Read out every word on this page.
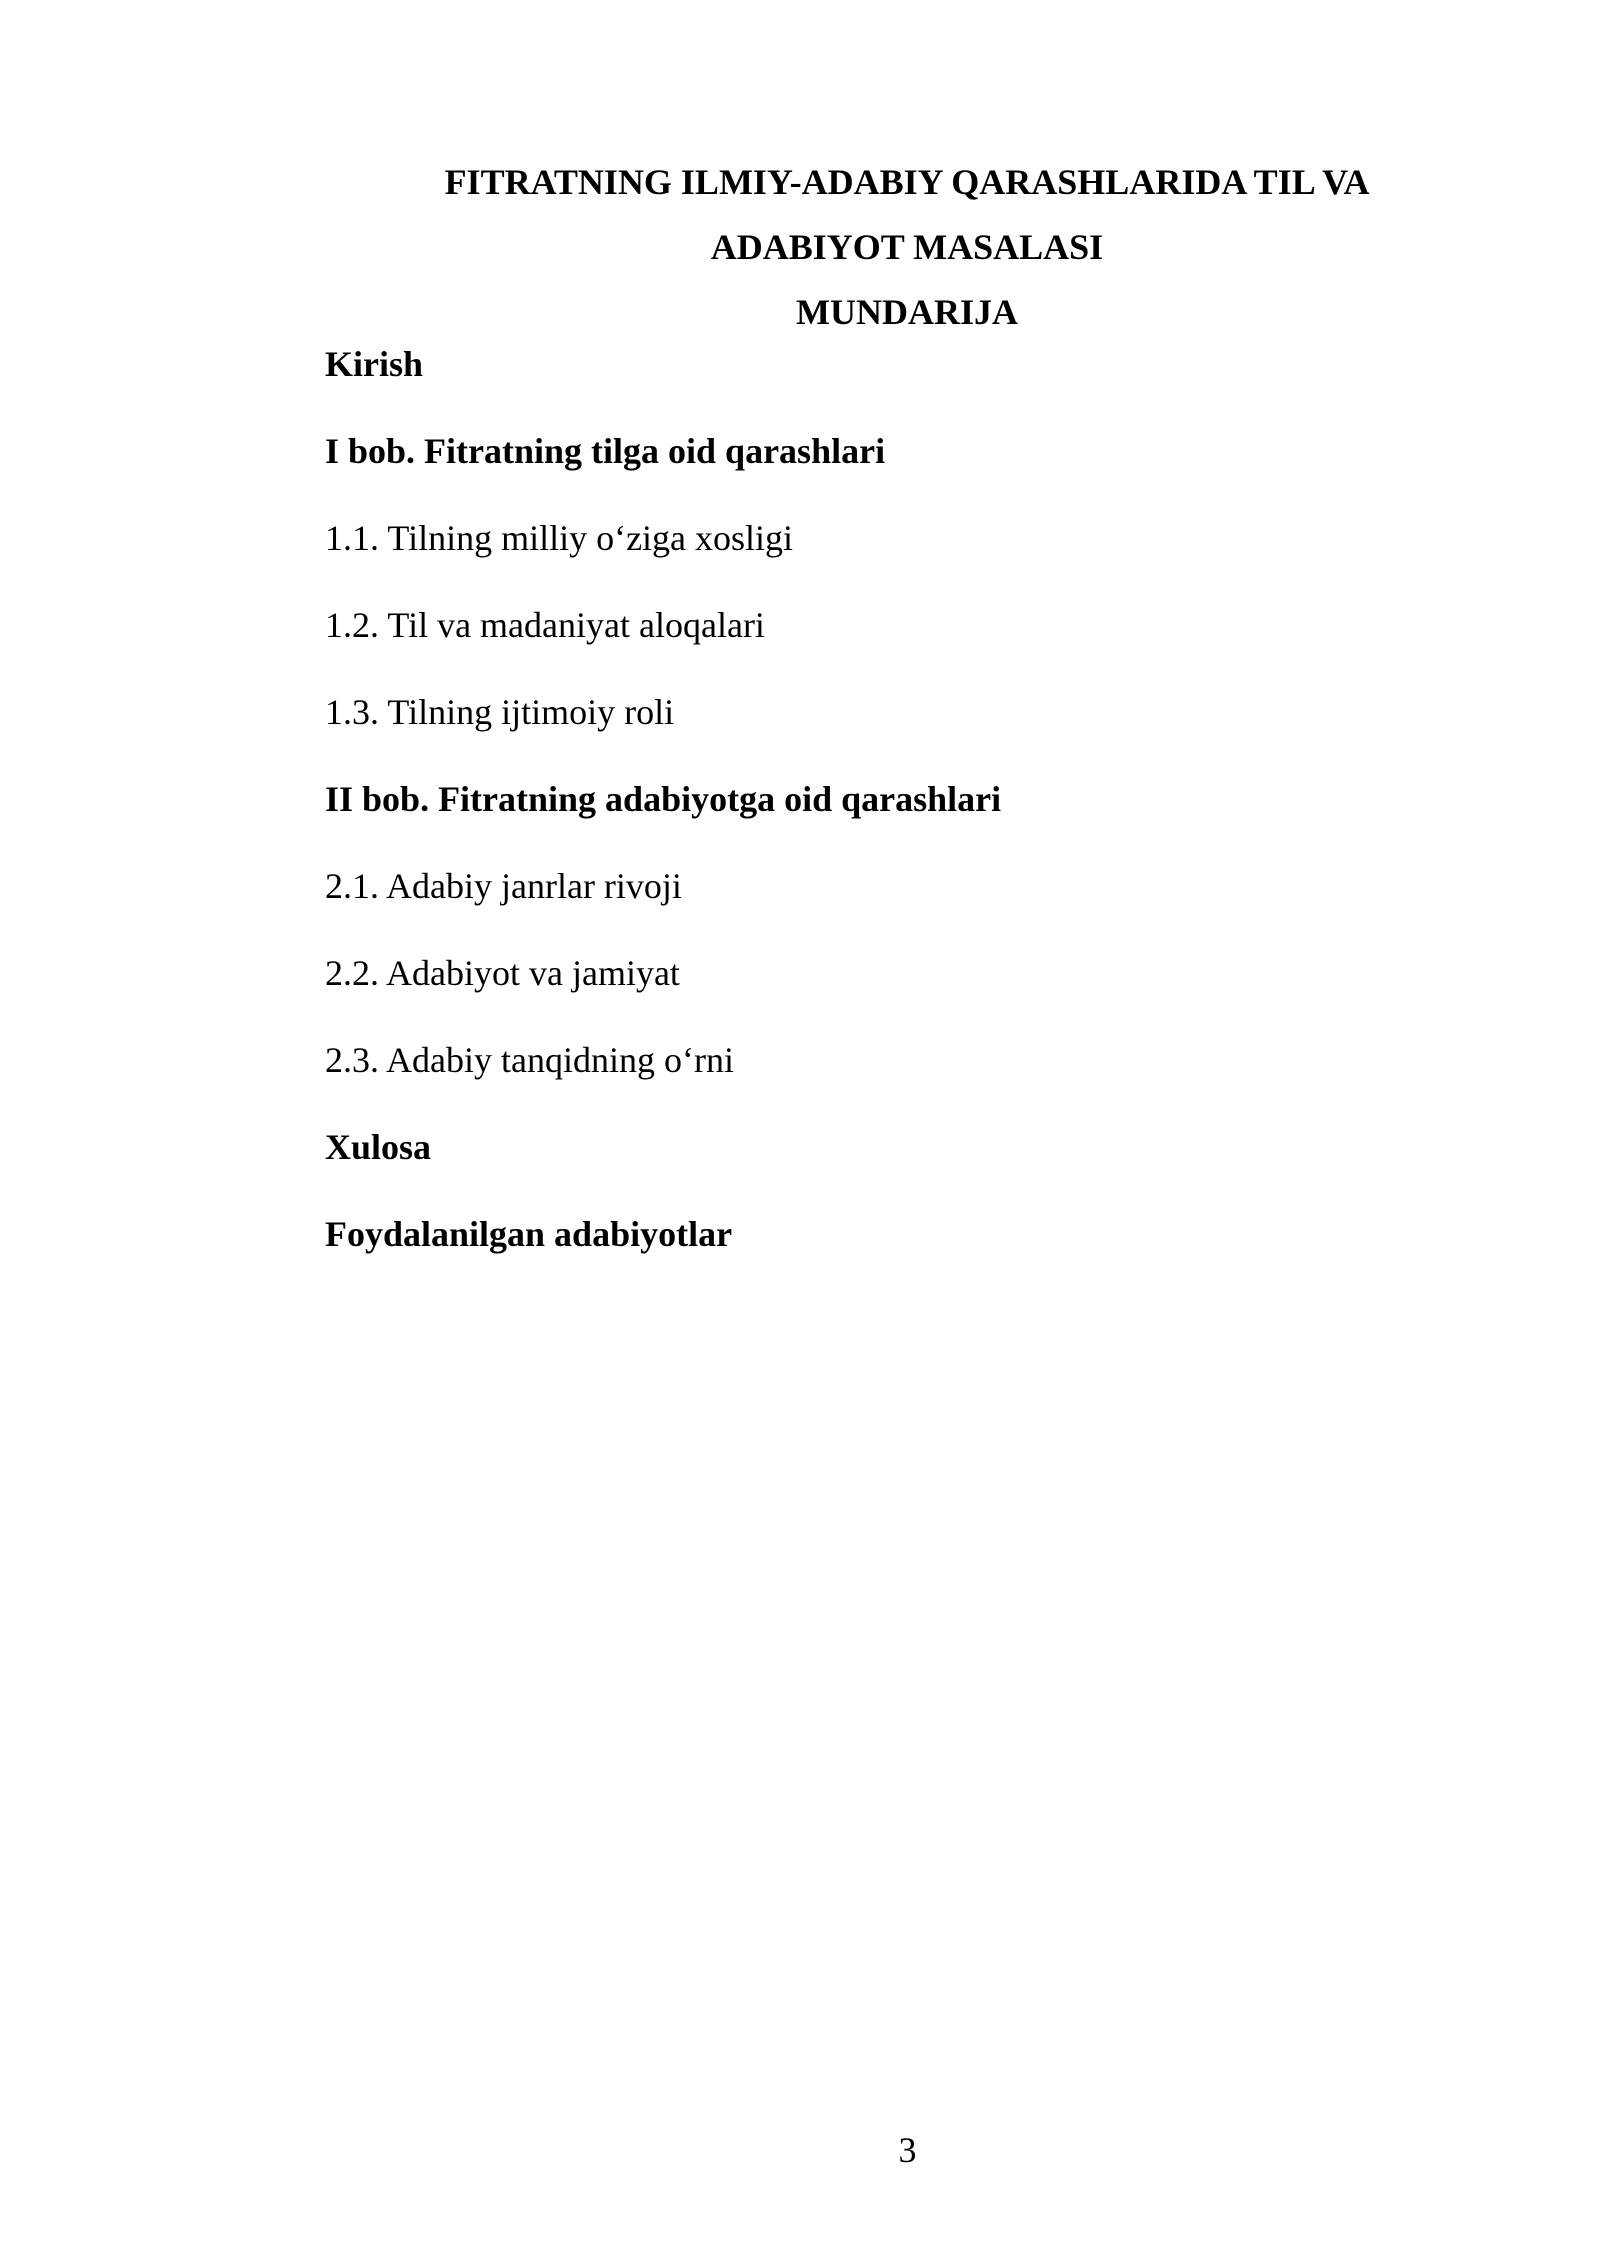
FITRATNING ILMIY-ADABIY QARASHLARIDA TIL VA

ADABIYOT MASALASI

MUNDARIJA

Kirish

I bob. Fitratning tilga oid qarashlari

1.1. Tilning milliy o‘ziga xosligi

1.2. Til va madaniyat aloqalari

1.3. Tilning ijtimoiy roli

II bob. Fitratning adabiyotga oid qarashlari

2.1. Adabiy janrlar rivoji

2.2. Adabiyot va jamiyat

2.3. Adabiy tanqidning o‘rni

Xulosa

Foydalanilgan adabiyotlar

3
